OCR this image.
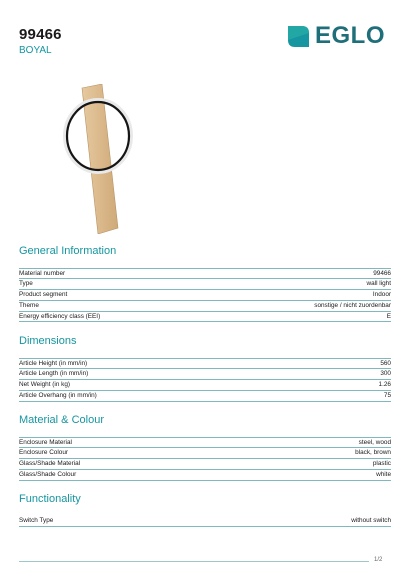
99466
BOYAL
EGLO
General Information
Material number	99466
Type	wall light
Product segment	Indoor
Theme	sonstige / nicht zuordenbar
Energy efficiency class (EEI)	E
Dimensions
Article Height (in mm/in)	560
Article Length (in mm/in)	300
Net Weight (in kg)	1.26
Article Overhang (in mm/in)	75
Material & Colour
Enclosure Material	steel, wood
Enclosure Colour	black, brown
Glass/Shade Material	plastic
Glass/Shade Colour	white
Functionality
Switch Type	without switch
1/2
